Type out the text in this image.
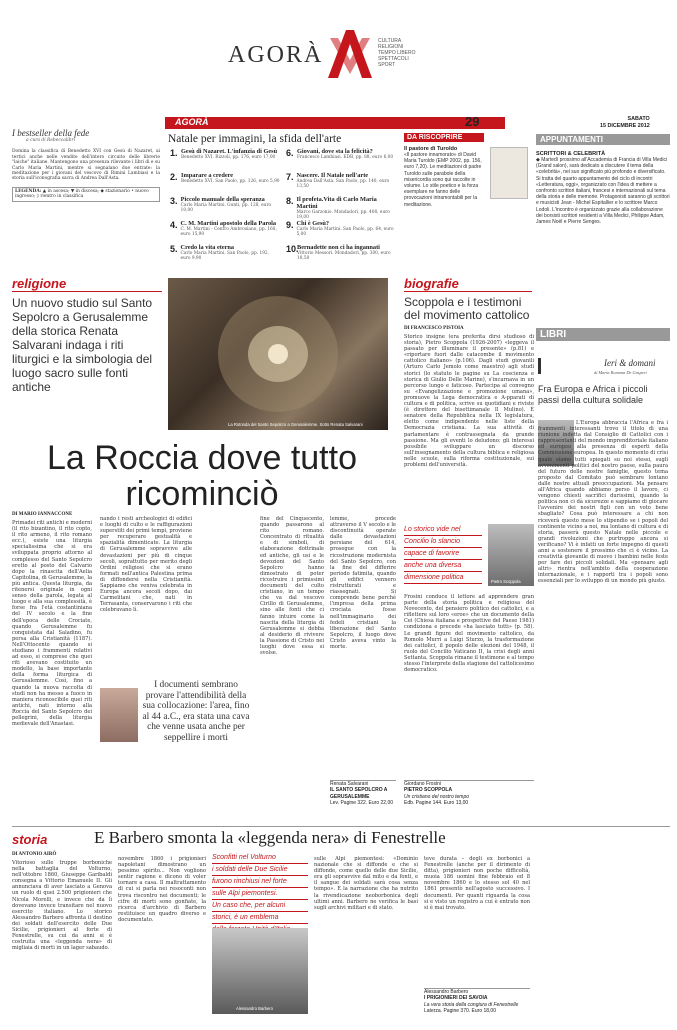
AGORÀ
CULTURA
RELIGIONI
TEMPO LIBERO
SPETTACOLI
SPORT
AGORÀ	29	SABATO
15 DICEMBRE 2012
I bestseller della fede
a cura di Rebeccalibri
Domina la classifica di Benedetto XVI con Gesù di Nazaret, ai tertici anche nelle vendite dell'intero circuito delle librerie "laiche" italiane. Mantengono una presenza rilevante i libri di e su Carlo Maria Martini, mentre si segnalano due entrate: la meditazione per i giovani del vescovo di Rimini Lambiasi e la storia sull'iconografia sacra di Andrea Dall'Asta.
LEGENDA: ▲ in ascesa; ▼ in discesa; ◆ stazionario • nuovo ingresso; ◊ rientro in classifica
Natale per immagini, la sfida dell'arte
1. Gesù di Nazaret. L'infanzia di Gesù
Benedetto XVI. Rizzoli, pp. 176, euro 17,00
2. Imparare a credere
Benedetto XVI. San Paolo, pp. 126, euro 5,90
3. Piccolo manuale della speranza
Carlo Maria Martini. Gunti, pp. 128, euro 10,00
4. C. M. Martini apostolo della Parola
C. M. Martini - Centro Ambrosiano, pp. 168, euro 15,90
5. Credo la vita eterna
Carlo Maria Martini. San Paolo, pp. 192, euro 9,90
6. Giovani, dove sta la felicità?
Francesco Lambiasi. EDB, pp. 88, euro 6,00
7. Nascere. Il Natale nell'arte
Andrea Dall'Asta. San Paolo, pp. 140, euro 13,50
8. Il profeta.Vita di Carlo Maria Martini
Marco Garzonio. Mondadori, pp. 408, euro 19,00
9. Chi è Gesù?
Carlo Maria Martini. San Paolo, pp. 64, euro 5,00
10.
Bernadette non ci ha ingannati
Vittorio Messori. Mondadori, pp. 300, euro 18,50
DA RISCOPRIRE
Il pastore di Turoldo
«Il pastore innamorato» di David Maria Turoldo (EMP 2002, pp. 156, euro 7,20). Le meditazioni di padre Turoldo sulle parabole della misericordia sono qui raccolte in volume. Lo stile poetico e la forza esemplare ne fanno delle provocazioni intramontabili per la meditazione.
APPUNTAMENTI
SCRITTORI & CELEBRITÀ
◆ Martedì prossimo all'Accademia di Francia di Villa Medici (Grand salon), sarà dedicato a discutere il tema della «celebrità», nel suo significato più profondo e diversificato. Si tratta del quarto appuntamento del ciclo di incontri «Letteratura, oggi», organizzato con l'idea di mettere a confronto scrittori italiani, francesi e internazionali sul tema della storia e delle memorie. Protagonisti saranno gli scrittori e musicisti Jean - Michel Espitallier e lo scrittore Marco Lodoli. L'incontro è organizzato grazie alla collaborazione dei borsisti scrittori residenti a Villa Medici, Philippe Adam, James Noël e Pierre Senges.
religione
Un nuovo studio sul Santo Sepolcro a Gerusalemme della storica Renata Salvarani indaga i riti liturgici e la simbologia del luogo sacro sulle fonti antiche
La Rotonda del Santo Sepolcro a Gerusalemme. Sotto Renata Salvarani
La Roccia dove tutto ricominciò
DI MARIO IANNACCONE
Primadei riti antichi e moderni (il rito bizantino, il rito copto, il rito armeno, il rito romano ecc.), esiste una liturgia specialissima che si era sviluppata proprio attorno al complesso del Santo Sepolcro eretto al posto del Calvario dopo la rinascita dell'Aelia Capitolina, di Gerusalemme, la più antica. Questa liturgia, da ritenersi originale in ogni senso della parola, legata al luogo e alla sua complessità, è forse fra l'età costantiniana del IV secolo e la fine dell'epoca delle Crociate, quando Gerusalemme fu conquistata dal Saladino, fu persa alla Cristianità (1187). Nell'Ottocento quando si studiano i frammenti relativi ad esso, si comprese che quei riti avevano costituito un modello, la base importante della forma liturgica di Gerusalemme. Così, fino a quando la nuova raccolta di studi non ha messo a fuoco in maniera riconoscibile quei riti antichi, nati intorno alla Roccia del Santo Sepolcro dei pellegrini, della liturgia medievale dell'Anastasi.
nando i resti archeologici di edifici e luoghi di culto e le raffigurazioni superstiti dei primi tempi, proviene per recuperare gestualità e spazialità dimenticate. La liturgia di Gerusalemme sopravvive alle devastazioni per più di cinque secoli, soprattutto per merito degli Ordini religiosi che si erano formati nell'antica Palestina prima di diffondersi nella Cristianità. Sappiamo che veniva celebrata in Europa ancora secoli dopo, dai Carmelitani che, nati in Terrasanta, conservarono i riti che celebravano lì.
I documenti sembrano provare l'attendibilità della sua collocazione: l'area, fino al 44 a.C., era stata una cava che venne usata anche per seppellire i morti
fine del Cinquecento, quando passarono al rito romano. Concentrato di ritualità e di simboli, di elaborazione dottrinale ed antiche, gli usi e le devozioni del Santo Sepolcro hanno dimostrato di poter ricostruire i primissimi documenti del culto cristiano, in un tempo che va dal vescovo Cirillo di Gerusalemme, sino alle fonti che ci fanno intuire come la nascita della liturgia di Gerusalemme si debba al desiderio di rivivere la Passione di Cristo nei luoghi dove essa si svolse.
lemme, procede attraverso il V secolo e le discontinuità operate dalle devastazioni persiane del 614, prosegue con la ricostruzione modernista del Santo Sepolcro, con la fine del differire periodo fatimita, quando gli edifici vennero ristrutturati e riassegnati. Si comprende bene perché l'impresa della prima crociata fosse nell'immaginario dei fedeli cristiani la liberazione del Santo Sepolcro, il luogo dove Cristo aveva vinto la morte.
Renata Salvarani
IL SANTO SEPOLCRO A GERUSALEMME
Lev. Pagine 322. Euro 22,00
biografie
Scoppola e i testimoni del movimento cattolico
DI FRANCESCO PISTOIA
Storico insigne (era preferita dirsi studioso di storia), Pietro Scoppola (1926-2007) «leggeva il passato per illuminare il presente» (p.81) e «riportare fuori dalle catacombe il movimento cattolico italiano» (p.106). Dagli studi giovanili (Arturo Carlo Jemolo come maestro) agli studi storici (lo statuto le pagine su La coscienza e storica di Giulio Delle Marine), s'incarnava in un percorso lungo e faticoso. Partecipa al convegno su «Evangelizzazione e promozione umana», promuove la Lega democratica e A-pparati di cultura e di politica, scrive su quotidiani e riviste (è direttore del bisettimanale Il Mulino). È senatore della Repubblica nella IX legislatura, eletto come indipendente nelle liste della Democrazia cristiana. La sua attività di parlamentare è contrassegnata da grande passione. Ma gli eventi lo deludono: gli interessi possibile sviluppare un discorso sull'insegnamento della cultura biblica e religiosa nelle scuole, sulla riforma costituzionale, sui problemi dell'università.
Lo storico vide nel
Concilio lo slancio
capace di favorire
anche una diversa
dimensione politica
Pietro Scoppola
Frosini conduce il lettore ad apprendere gran parte della storia politica e religiosa del Novecento, del pensiero politico dei cattolici, e a riflettere sul loro «eroe» che un documento della Cei (Chiesa italiana e prospettive del Paese 1981) condiziona e precede «ha lasciato tutti» (p. 58). Le grandi figure del movimento cattolico, da Romolo Murri a Luigi Sturzo, la trasformazione dei cattolici, il popolo delle elezioni del 1948, il ruolo del Concilio Vaticano II, la crisi degli anni Settanta. Scoppola rimane il testimone e al tempo stesso l'interprete della stagione del cattolicesimo democratico.
Giordano Frosini
PIETRO SCOPPOLA
Un cristiano del nostro tempo
Edb. Pagine 144. Euro 13,00
LIBRI
Ieri & domani
di Maria Romana De Gasperi
Fra Europa e Africa i piccoli passi della cultura solidale
L'Europa abbraccia l'Africa e fra i frammenti interessanti trovo il titolo di una riunione indetta dal Consiglio di Cattolici con i rappresentanti del mondo imprenditoriale italiano ed europeo alla presenza di esperti della Commissione europea. In questo momento di crisi quale siamo tutti spiegati su noi stessi, sugli avvenimenti politici del nostro paese, sulla paura del futuro delle nostre famiglie, questo tema proposto dal Comitato può sembrare lontano dalle nostre attuali preoccupazioni. Ma pensare all'Africa quando abbiamo perso il lavoro, ci vengono chiesti sacrifici durissimi, quando la politica non ci dà sicurezze e sappiamo di giocare l'avvenire dei nostri figli con un voto bene sbagliato? Cosa può interessare a chi non riceverà questo mese lo stipendio se i popoli del continente vicino a noi, ma lontano di cultura e di storia, passerà questo Natale nelle piccole e grandi rivoluzioni che purtroppo ancora si verificano? Vi è infatti un forte impegno di questi anni a sostenere il prossimo che ci è vicino. La creatività giovanile di nuovo i bambini nelle feste per fare dei piccoli solidali. Ma «pensare agli altri» rientra nell'ambito della cooperazione internazionale, e i rapporti tra i popoli sono essenziali per lo sviluppo di un mondo più giusto.
storia	E Barbero smonta la «leggenda nera» di Fenestrelle
DI ANTONIO AIRÒ
Vitorioso sulle truppe borboniche nella battaglia del Volturno, nell'ottobre 1860, Giuseppe Garibaldi consegna a Vittorio Emanuele II. Gli annunciava di aver lasciato a Genova un ruolo di quei 2.500 prigionieri che Nicola Morelli, e invece che da lì dovevano invece transitare nel nuovo esercito italiano. Lo storico Alessandro Barbero affronta il destino dei soldati dell'esercito delle Due Sicilie, prigionieri al forte di Fenestrelle, su cui da anni si è costruita una «leggenda nera» di migliaia di morti in un lager sabaudo.
novembre 1860 i prigionieri napoletani dimostrano un pessimo spirito... Non vogliono sentir ragione e dicono di voler tornare a casa. Il maltrattamento di cui si parla nei resoconti non trova riscontro nei documenti; le cifre di morti sono gonfiate, la ricerca d'archivio di Barbero restituisce un quadro diverso e documentato.
Sconfitti nel Volturno
i soldati delle Due Sicilie
furono rinchiusi nel forte
sulle Alpi piemontesi.
Un caso che, per alcuni
storici, è un emblema
Alessandro Barbero
sulle Alpi piemontesi: «Dominio nazionale che si diffonde e che si diffonde, come quello delle due Sicilie, era gli sopravvive dal mito e da fonti, e il sangue dei soldati sarà cosa senza tempo». È la narrazione che ha nutrito la rivendicazione neoborbonica degli ultimi anni. Barbero ne verifica le basi sugli archivi militari e di stato.
teve durata – degli ex borbonici a Fenestrelle (anche per il dirimento di ditta), prigionieri non poche difficoltà, muoia 186 uomini fine febbraio ed 8 novembre 1860 e lo stesso sol 40 nel 1861 presentò nell'agosto successivo. I documenti. Per quanti riguarda la cosa si e visto un registro a cui è entrato non si è mai trovato.
Alessandro Barbero
I PRIGIONIERI DEI SAVOIA
La vera storia della congiura di Fenestrelle
Laterza. Pagine 370. Euro 18,00
